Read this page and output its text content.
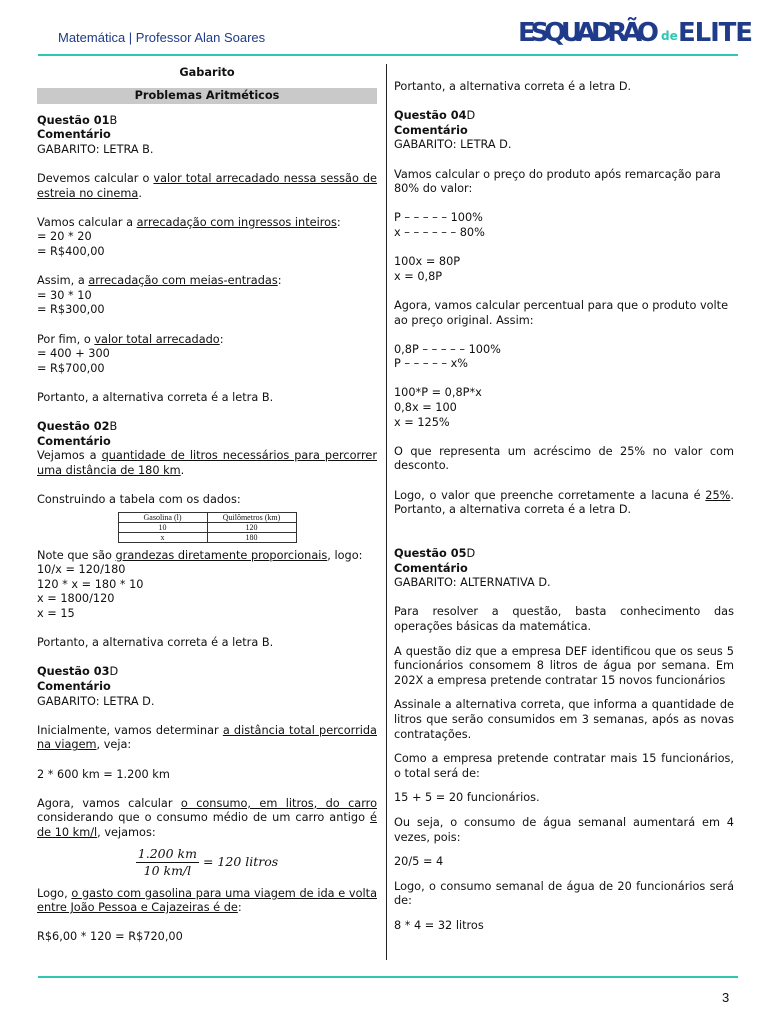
Matemática | Professor Alan Soares	ESQUADRÃO de ELITE

Gabarito

Problemas Aritméticos

Questão 01B

Comentário

GABARITO: LETRA B.

Devemos calcular o valor total arrecadado nessa sessão de estreia no cinema.

Vamos calcular a arrecadação com ingressos inteiros:

= 20 * 20

= R$400,00

Assim, a arrecadação com meias-entradas:

= 30 * 10

= R$300,00

Por fim, o valor total arrecadado:

= 400 + 300

= R$700,00

Portanto, a alternativa correta é a letra B.

Questão 02B

Comentário

Vejamos a quantidade de litros necessários para percorrer uma distância de 180 km.

Construindo a tabela com os dados:

Gasolina (l)	Quilômetros (km)
10	120
x	180

Note que são grandezas diretamente proporcionais, logo:

10/x = 120/180

120 * x = 180 * 10

x = 1800/120

x = 15

Portanto, a alternativa correta é a letra B.

Questão 03D

Comentário

GABARITO: LETRA D.

Inicialmente, vamos determinar a distância total percorrida na viagem, veja:

2 * 600 km = 1.200 km

Agora, vamos calcular o consumo, em litros, do carro considerando que o consumo médio de um carro antigo é de 10 km/l, vejamos:

$\frac{1.200 km}{10 km/l} = 120$ litros

Logo, o gasto com gasolina para uma viagem de ida e volta entre João Pessoa e Cajazeiras é de:

R$6,00 * 120 = R$720,00

Portanto, a alternativa correta é a letra D.

Questão 04D

Comentário

GABARITO: LETRA D.

Vamos calcular o preço do produto após remarcação para 80% do valor:

P – – – – – 100%

x – – – – – – 80%

100x = 80P

x = 0,8P

Agora, vamos calcular percentual para que o produto volte ao preço original. Assim:

0,8P – – – – – 100%

P – – – – – x%

100*P = 0,8P*x

0,8x = 100

x = 125%

O que representa um acréscimo de 25% no valor com desconto.

Logo, o valor que preenche corretamente a lacuna é 25%. Portanto, a alternativa correta é a letra D.

Questão 05D

Comentário

GABARITO: ALTERNATIVA D.

Para resolver a questão, basta conhecimento das operações básicas da matemática.

A questão diz que a empresa DEF identificou que os seus 5 funcionários consomem 8 litros de água por semana. Em 202X a empresa pretende contratar 15 novos funcionários

Assinale a alternativa correta, que informa a quantidade de litros que serão consumidos em 3 semanas, após as novas contratações.

Como a empresa pretende contratar mais 15 funcionários, o total será de:

15 + 5 = 20 funcionários.

Ou seja, o consumo de água semanal aumentará em 4 vezes, pois:

20/5 = 4

Logo, o consumo semanal de água de 20 funcionários será de:

8 * 4 = 32 litros

3
